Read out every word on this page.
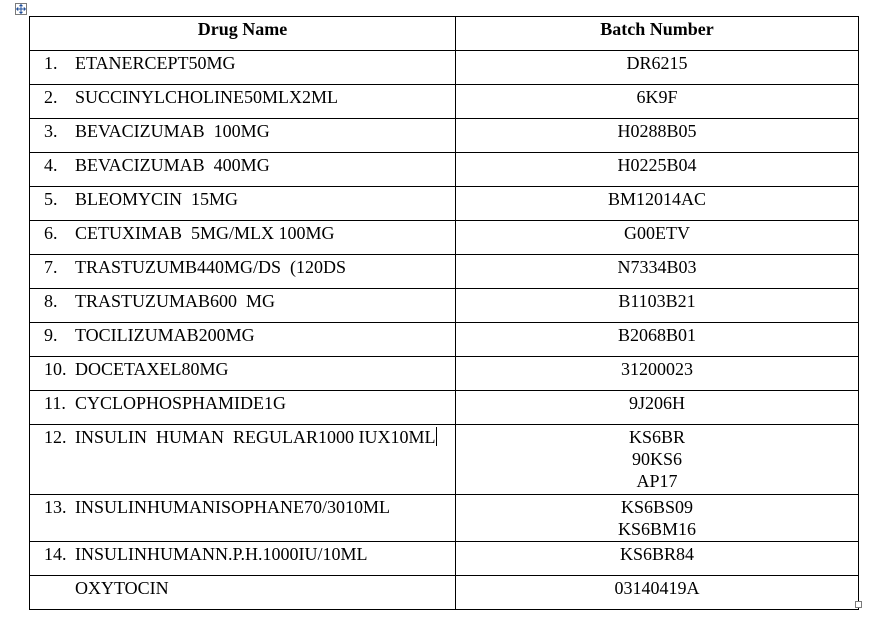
Drug Name	Batch Number

1. ETANERCEPT50MG	DR6215

2. SUCCINYLCHOLINE50MLX2ML	6K9F

3. BEVACIZUMAB  100MG	H0288B05

4. BEVACIZUMAB  400MG	H0225B04

5. BLEOMYCIN  15MG	BM12014AC

6. CETUXIMAB  5MG/MLX 100MG	G00ETV

7. TRASTUZUMB440MG/DS  (120DS	N7334B03

8. TRASTUZUMAB600  MG	B1103B21

9. TOCILIZUMAB200MG	B2068B01

10. DOCETAXEL80MG	31200023

11. CYCLOPHOSPHAMIDE1G	9J206H

12. INSULIN  HUMAN  REGULAR1000 IUX10ML	KS6BR
90KS6
AP17

13. INSULINHUMANISOPHANE70/3010ML	KS6BS09
KS6BM16

14. INSULINHUMANN.P.H.1000IU/10ML	KS6BR84

OXYTOCIN	03140419A
